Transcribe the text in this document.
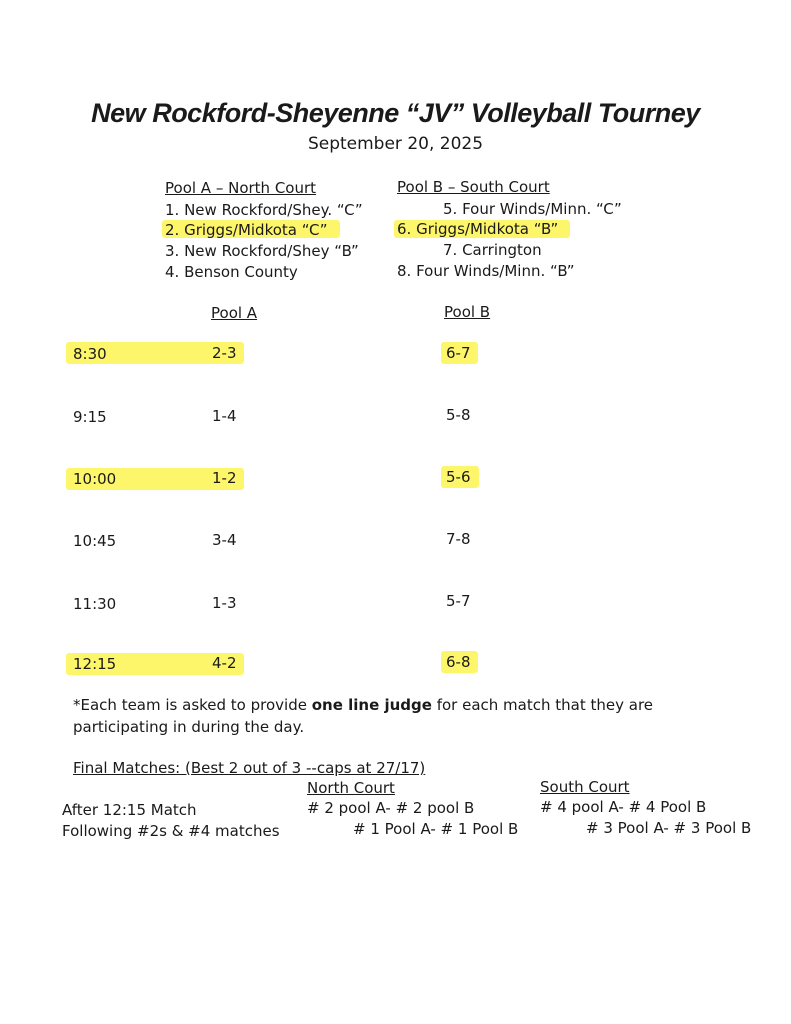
New Rockford-Sheyenne “JV” Volleyball Tourney
September 20, 2025
Pool A – North Court
1. New Rockford/Shey. “C”
2. Griggs/Midkota “C”
3. New Rockford/Shey “B”
4. Benson County
Pool B – South Court
5. Four Winds/Minn. “C”
6. Griggs/Midkota “B”
7. Carrington
8. Four Winds/Minn. “B”
Pool A	Pool B
8:30	2-3	6-7
9:15	1-4	5-8
10:00	1-2	5-6
10:45	3-4	7-8
11:30	1-3	5-7
12:15	4-2	6-8
*Each team is asked to provide one line judge for each match that they are
participating in during the day.
Final Matches: (Best 2 out of 3 --caps at 27/17)
North Court	South Court
After 12:15 Match	# 2 pool A- # 2 pool B	# 4 pool A- # 4 Pool B
Following #2s & #4 matches	# 1 Pool A- # 1 Pool B	# 3 Pool A- # 3 Pool B
